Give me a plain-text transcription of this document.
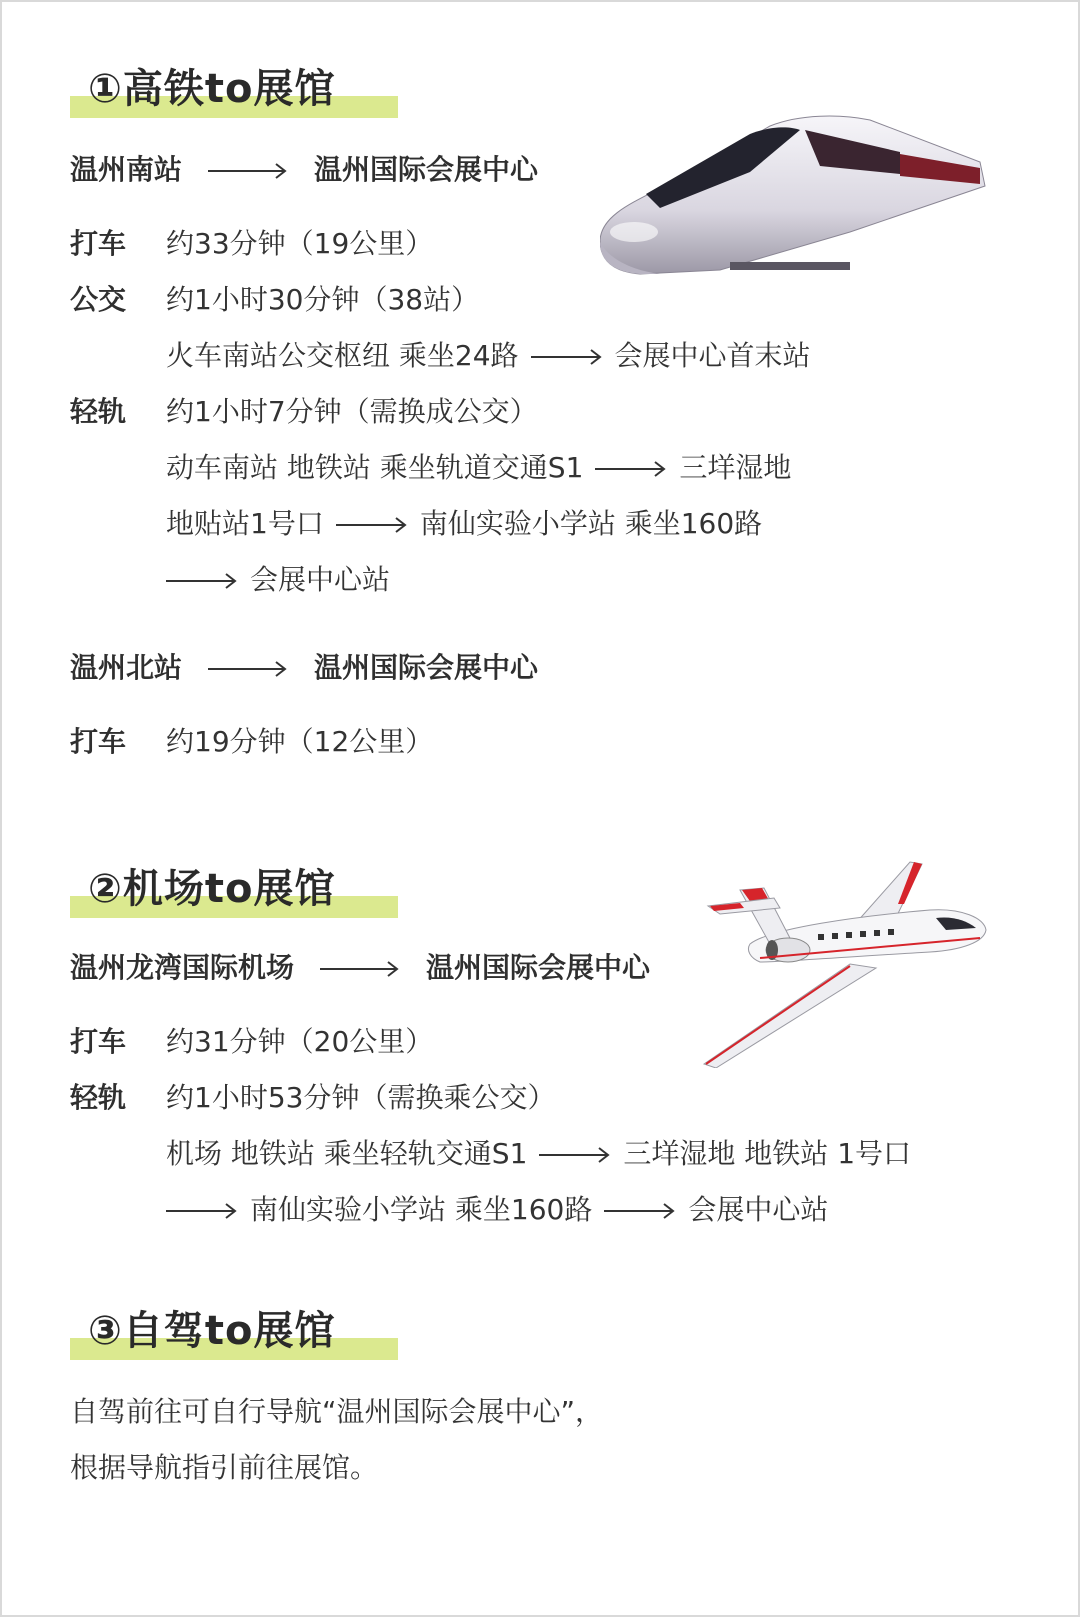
①高铁to展馆
温州南站	温州国际会展中心
打车 约33分钟（19公里）
公交 约1小时30分钟（38站）
火车南站公交枢纽 乘坐24路	会展中心首末站
轻轨 约1小时7分钟（需换成公交）
动车南站 地铁站 乘坐轨道交通S1	三垟湿地
地贴站1号口	南仙实验小学站 乘坐160路
会展中心站
温州北站	温州国际会展中心
打车 约19分钟（12公里）
②机场to展馆
温州龙湾国际机场	温州国际会展中心
打车 约31分钟（20公里）
轻轨 约1小时53分钟（需换乘公交）
机场 地铁站 乘坐轻轨交通S1	三垟湿地 地铁站 1号口
南仙实验小学站 乘坐160路	会展中心站
③自驾to展馆
自驾前往可自行导航“温州国际会展中心”，
根据导航指引前往展馆。
